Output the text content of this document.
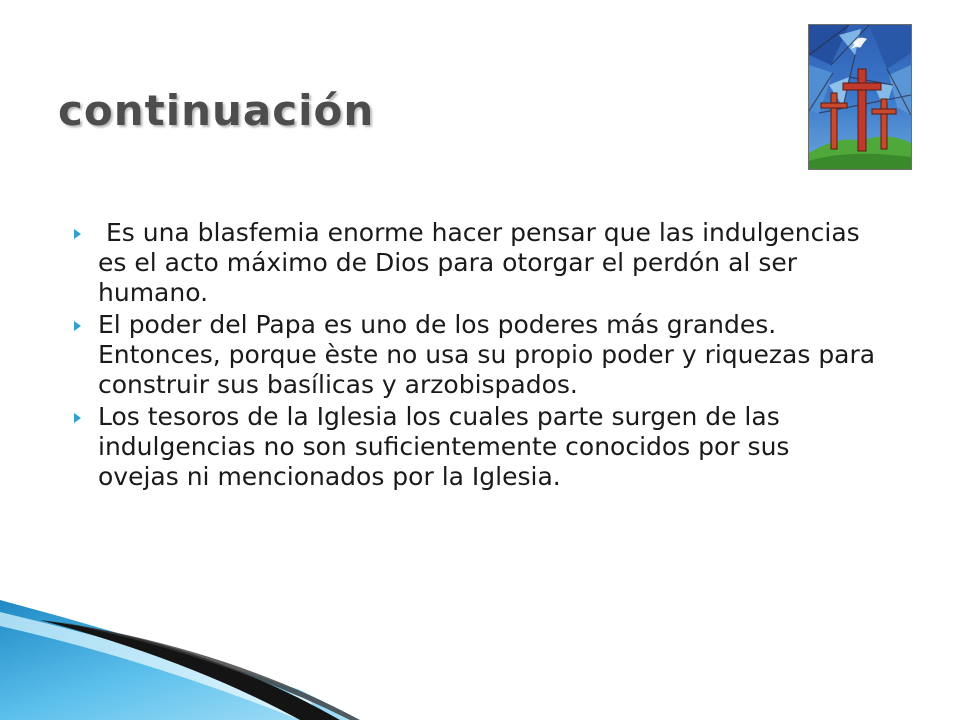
continuación
Es una blasfemia enorme hacer pensar que las indulgencias es el acto máximo de Dios para otorgar el perdón al ser humano.
El poder del Papa es uno de los poderes más grandes. Entonces, porque èste no usa su propio poder y riquezas para construir sus basílicas y arzobispados.
Los tesoros de la Iglesia los cuales parte surgen de las indulgencias no son suficientemente conocidos por sus ovejas ni mencionados por la Iglesia.
